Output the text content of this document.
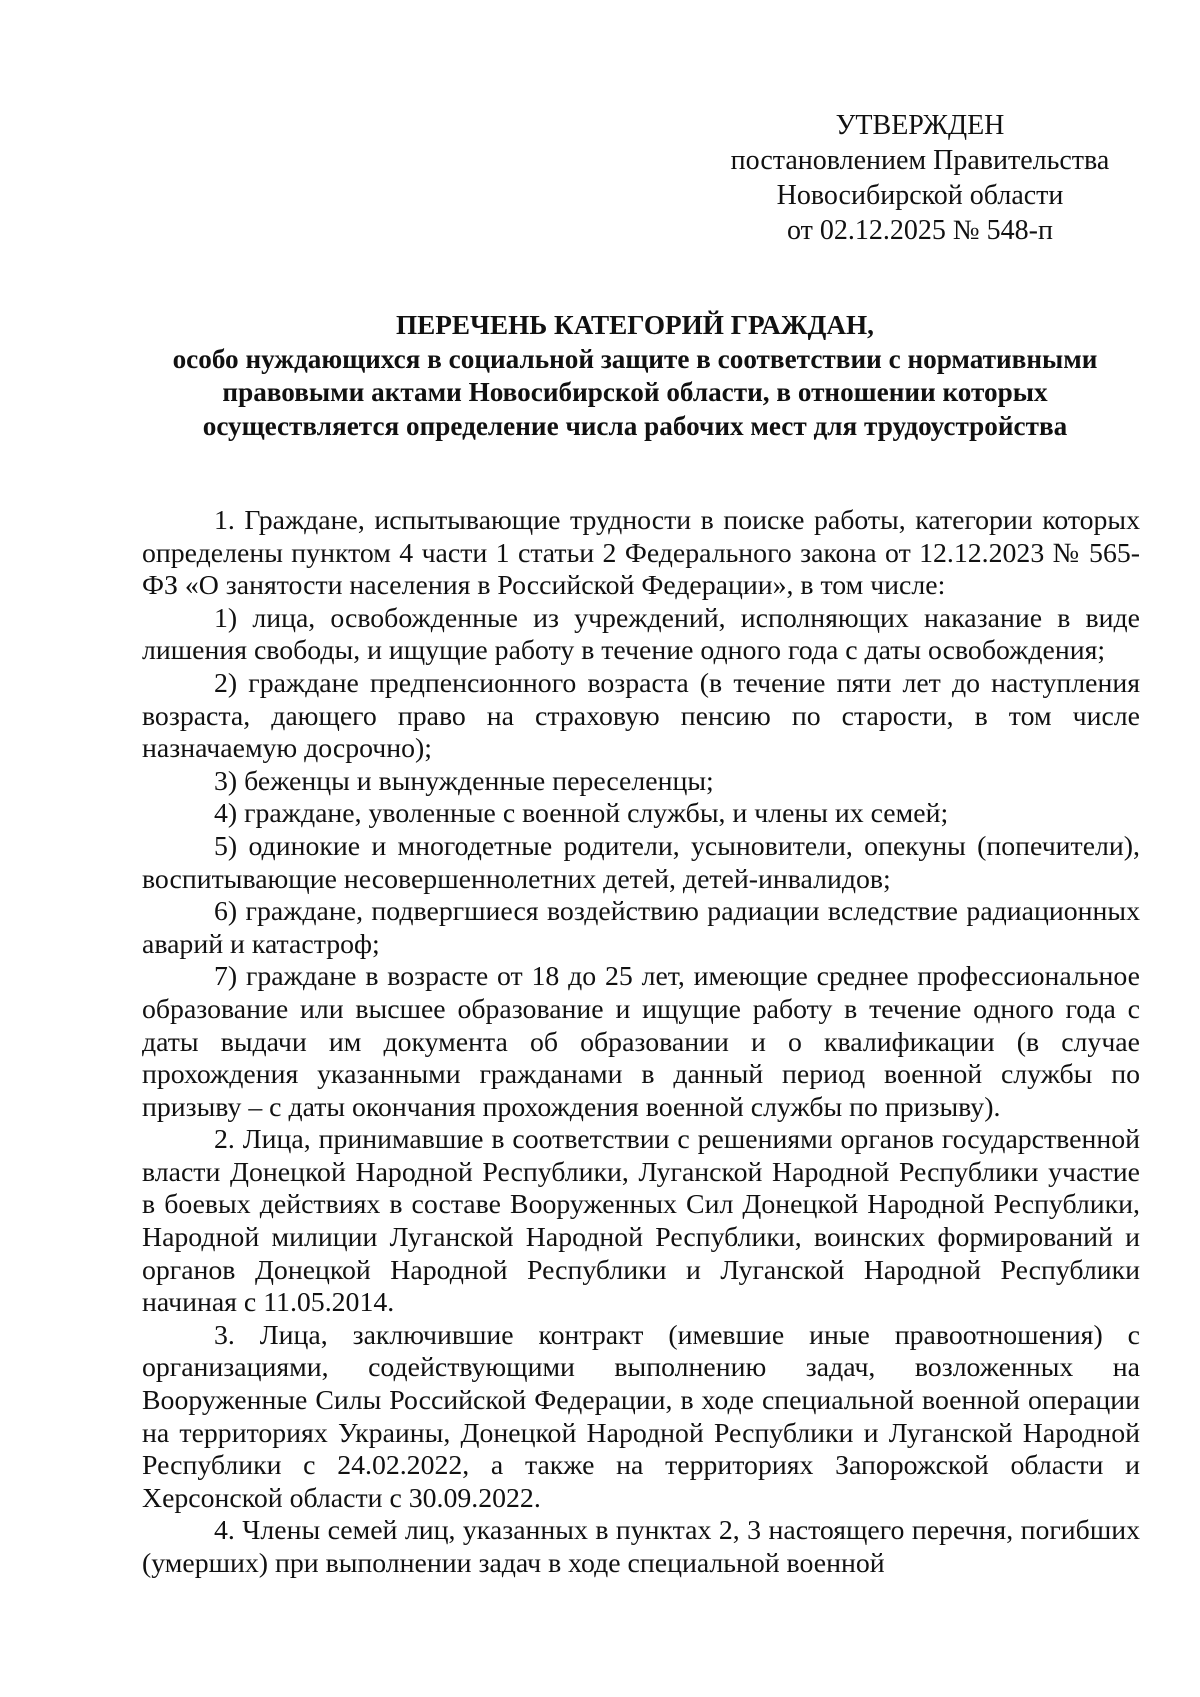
УТВЕРЖДЕН
постановлением Правительства
Новосибирской области
от 02.12.2025 № 548-п
ПЕРЕЧЕНЬ КАТЕГОРИЙ ГРАЖДАН,
особо нуждающихся в социальной защите в соответствии с нормативными
правовыми актами Новосибирской области, в отношении которых
осуществляется определение числа рабочих мест для трудоустройства

1. Граждане, испытывающие трудности в поиске работы, категории которых определены пунктом 4 части 1 статьи 2 Федерального закона от 12.12.2023 № 565-ФЗ «О занятости населения в Российской Федерации», в том числе:

1) лица, освобожденные из учреждений, исполняющих наказание в виде лишения свободы, и ищущие работу в течение одного года с даты освобождения;

2) граждане предпенсионного возраста (в течение пяти лет до наступления возраста, дающего право на страховую пенсию по старости, в том числе назначаемую досрочно);

3) беженцы и вынужденные переселенцы;

4) граждане, уволенные с военной службы, и члены их семей;

5) одинокие и многодетные родители, усыновители, опекуны (попечители), воспитывающие несовершеннолетних детей, детей-инвалидов;

6) граждане, подвергшиеся воздействию радиации вследствие радиационных аварий и катастроф;

7) граждане в возрасте от 18 до 25 лет, имеющие среднее профессиональное образование или высшее образование и ищущие работу в течение одного года с даты выдачи им документа об образовании и о квалификации (в случае прохождения указанными гражданами в данный период военной службы по призыву – с даты окончания прохождения военной службы по призыву).

2. Лица, принимавшие в соответствии с решениями органов государственной власти Донецкой Народной Республики, Луганской Народной Республики участие в боевых действиях в составе Вооруженных Сил Донецкой Народной Республики, Народной милиции Луганской Народной Республики, воинских формирований и органов Донецкой Народной Республики и Луганской Народной Республики начиная с 11.05.2014.

3. Лица, заключившие контракт (имевшие иные правоотношения) с организациями, содействующими выполнению задач, возложенных на Вооруженные Силы Российской Федерации, в ходе специальной военной операции на территориях Украины, Донецкой Народной Республики и Луганской Народной Республики с 24.02.2022, а также на территориях Запорожской области и Херсонской области с 30.09.2022.

4. Члены семей лиц, указанных в пунктах 2, 3 настоящего перечня, погибших (умерших) при выполнении задач в ходе специальной военной
